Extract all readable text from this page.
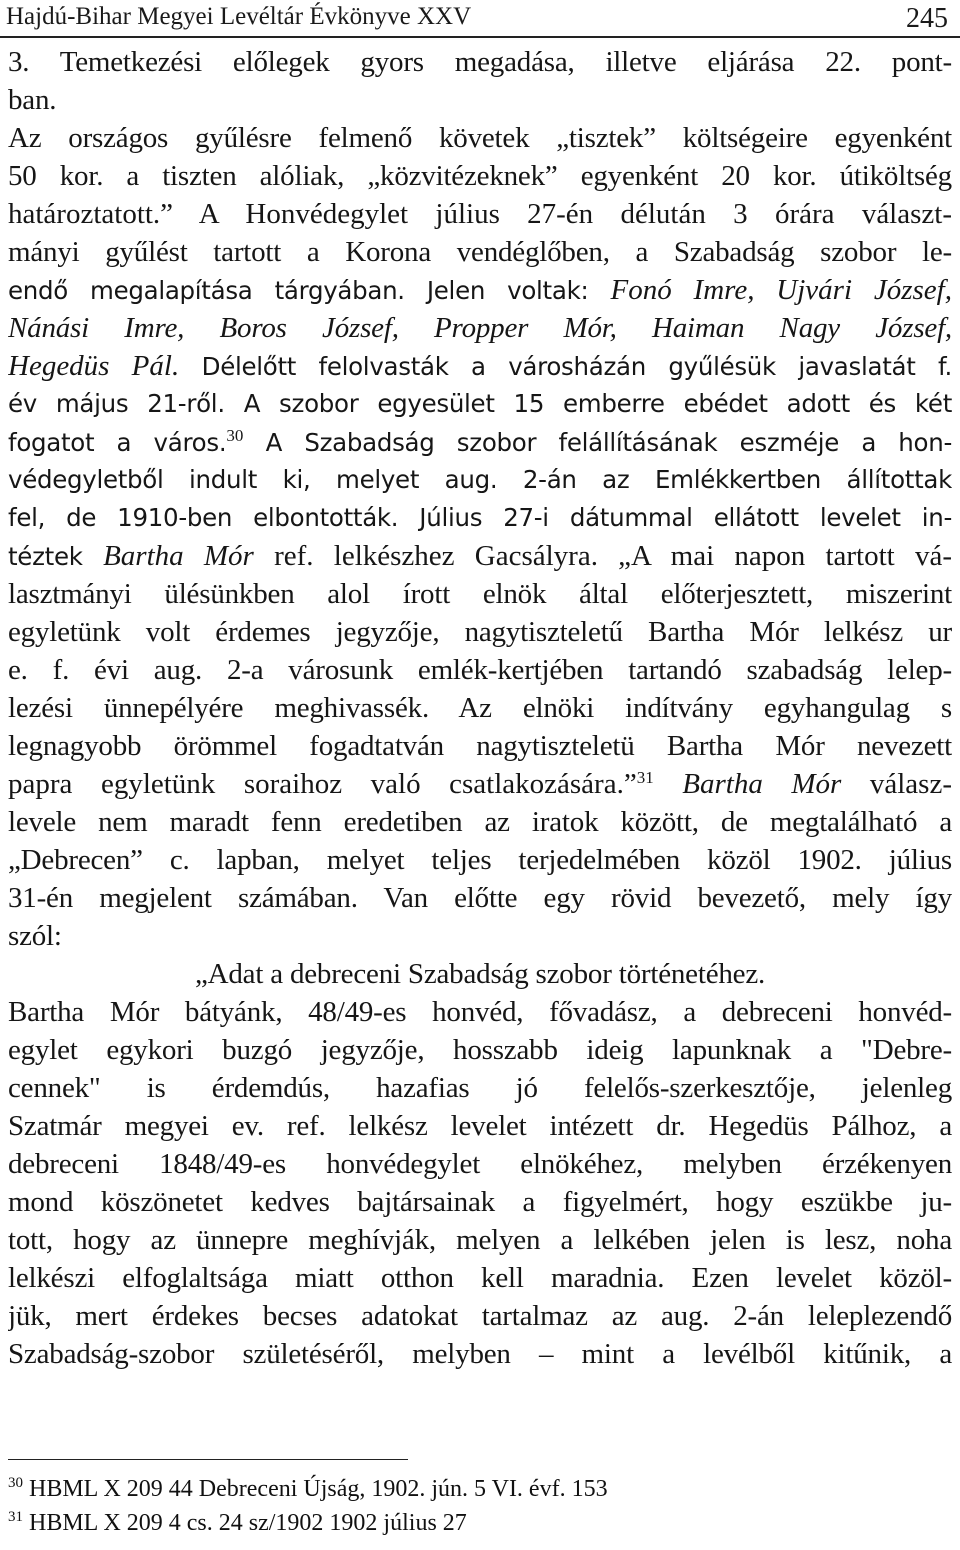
Hajdú-Bihar Megyei Levéltár Évkönyve XXV	245
3. Temetkezési előlegek gyors megadása, illetve eljárása 22. pont-
ban.
Az országos gyűlésre felmenő követek „tisztek” költségeire egyenként
50 kor. a tiszten alóliak, „közvitézeknek” egyenként 20 kor. útiköltség
határoztatott.” A Honvédegylet július 27-én délután 3 órára választ-
mányi gyűlést tartott a Korona vendéglőben, a Szabadság szobor le-
endő megalapítása tárgyában. Jelen voltak: Fonó Imre, Ujvári József,
Nánási Imre, Boros József, Propper Mór, Haiman Nagy József,
Hegedüs Pál. Délelőtt felolvasták a városházán gyűlésük javaslatát f.
év május 21-ről. A szobor egyesület 15 emberre ebédet adott és két
fogatot a város.$^{30}$ A Szabadság szobor felállításának eszméje a hon-
védegyletből indult ki, melyet aug. 2-án az Emlékkertben állítottak
fel, de 1910-ben elbontották. Július 27-i dátummal ellátott levelet in-
téztek Bartha Mór ref. lelkészhez Gacsályra. „A mai napon tartott vá-
lasztmányi ülésünkben alol írott elnök által előterjesztett, miszerint
egyletünk volt érdemes jegyzője, nagytiszteletű Bartha Mór lelkész ur
e. f. évi aug. 2-a városunk emlék-kertjében tartandó szabadság lelep-
lezési ünnepélyére meghivassék. Az elnöki indítvány egyhangulag s
legnagyobb örömmel fogadtatván nagytiszteletü Bartha Mór nevezett
papra egyletünk soraihoz való csatlakozására.”$^{31}$ Bartha Mór válasz-
levele nem maradt fenn eredetiben az iratok között, de megtalálható a
„Debrecen” c. lapban, melyet teljes terjedelmében közöl 1902. július
31-én megjelent számában. Van előtte egy rövid bevezető, mely így
szól:
„Adat a debreceni Szabadság szobor történetéhez.
Bartha Mór bátyánk, 48/49-es honvéd, fővadász, a debreceni honvéd-
egylet egykori buzgó jegyzője, hosszabb ideig lapunknak a "Debre-
cennek" is érdemdús, hazafias jó felelős-szerkesztője, jelenleg
Szatmár megyei ev. ref. lelkész levelet intézett dr. Hegedüs Pálhoz, a
debreceni 1848/49-es honvédegylet elnökéhez, melyben érzékenyen
mond köszönetet kedves bajtársainak a figyelmért, hogy eszükbe ju-
tott, hogy az ünnepre meghívják, melyen a lelkében jelen is lesz, noha
lelkészi elfoglaltsága miatt otthon kell maradnia. Ezen levelet közöl-
jük, mert érdekes becses adatokat tartalmaz az aug. 2-án leleplezendő
Szabadság-szobor születéséről, melyben – mint a levélből kitűnik, a
$^{30}$ HBML X 209 44 Debreceni Újság, 1902. jún. 5 VI. évf. 153
$^{31}$ HBML X 209 4 cs. 24 sz/1902 1902 július 27
